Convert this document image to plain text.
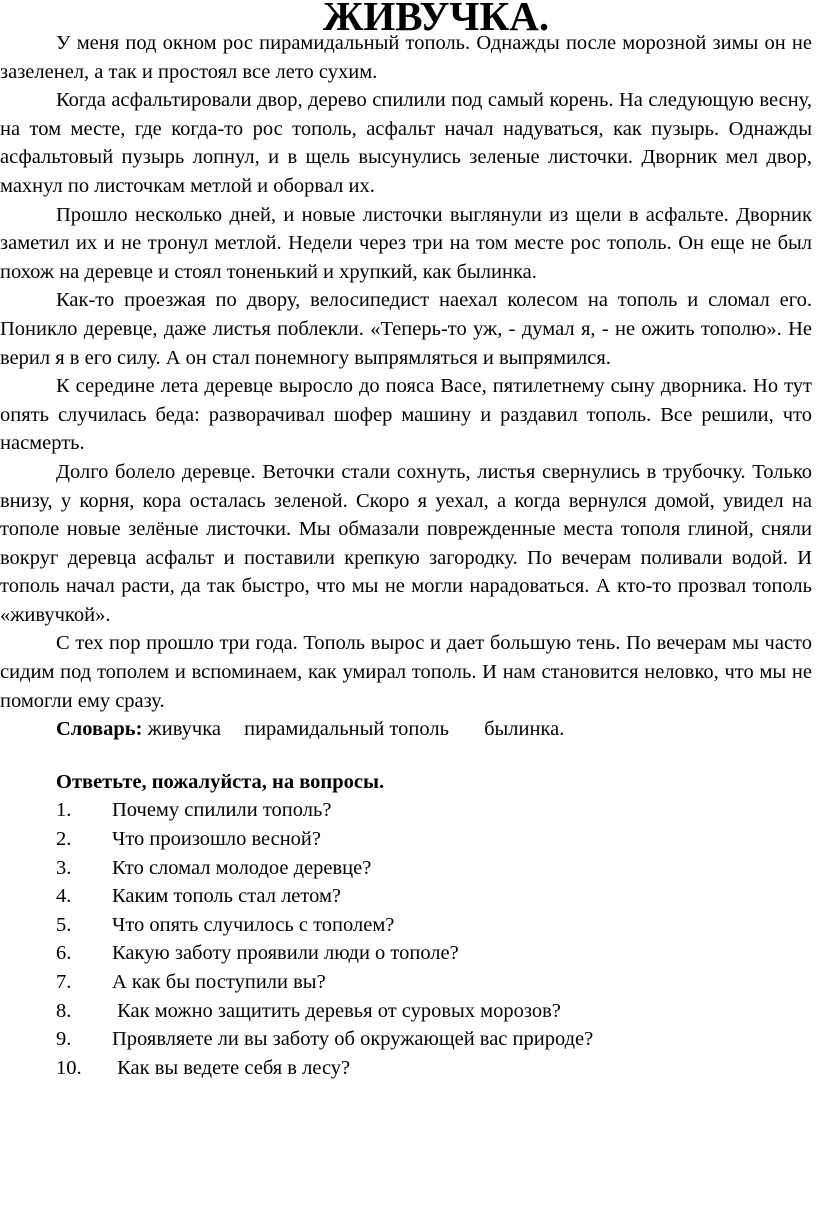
ЖИВУЧКА.

У меня под окном рос пирамидальный тополь. Однажды после морозной зимы он не зазеленел, а так и простоял все лето сухим.

Когда асфальтировали двор, дерево спилили под самый корень. На следующую весну, на том месте, где когда-то рос тополь, асфальт начал надуваться, как пузырь. Однажды асфальтовый пузырь лопнул, и в щель высунулись зеленые листочки. Дворник мел двор, махнул по листочкам метлой и оборвал их.

Прошло несколько дней, и новые листочки выглянули из щели в асфальте. Дворник заметил их и не тронул метлой. Недели через три на том месте рос тополь. Он еще не был похож на деревце и стоял тоненький и хрупкий, как былинка.

Как-то проезжая по двору, велосипедист наехал колесом на тополь и сломал его. Поникло деревце, даже листья поблекли. «Теперь-то уж, - думал я, - не ожить тополю». Не верил я в его силу. А он стал понемногу выпрямляться и выпрямился.

К середине лета деревце выросло до пояса Васе, пятилетнему сыну дворника. Но тут опять случилась беда: разворачивал шофер машину и раздавил тополь. Все решили, что насмерть.

Долго болело деревце. Веточки стали сохнуть, листья свернулись в трубочку. Только внизу, у корня, кора осталась зеленой. Скоро я уехал, а когда вернулся домой, увидел на тополе новые зелёные листочки. Мы обмазали поврежденные места тополя глиной, сняли вокруг деревца асфальт и поставили крепкую загородку. По вечерам поливали водой. И тополь начал расти, да так быстро, что мы не могли нарадоваться. А кто-то прозвал тополь «живучкой».

С тех пор прошло три года. Тополь вырос и дает большую тень. По вечерам мы часто сидим под тополем и вспоминаем, как умирал тополь. И нам становится неловко, что мы не помогли ему сразу.

Словарь: живучка пирамидальный тополь былинка.

Ответьте, пожалуйста, на вопросы.

1.	Почему спилили тополь?
2.	Что произошло весной?
3.	Кто сломал молодое деревце?
4.	Каким тополь стал летом?
5.	Что опять случилось с тополем?
6.	Какую заботу проявили люди о тополе?
7.	А как бы поступили вы?
8.	Как можно защитить деревья от суровых морозов?
9.	Проявляете ли вы заботу об окружающей вас природе?
10.	Как вы ведете себя в лесу?
